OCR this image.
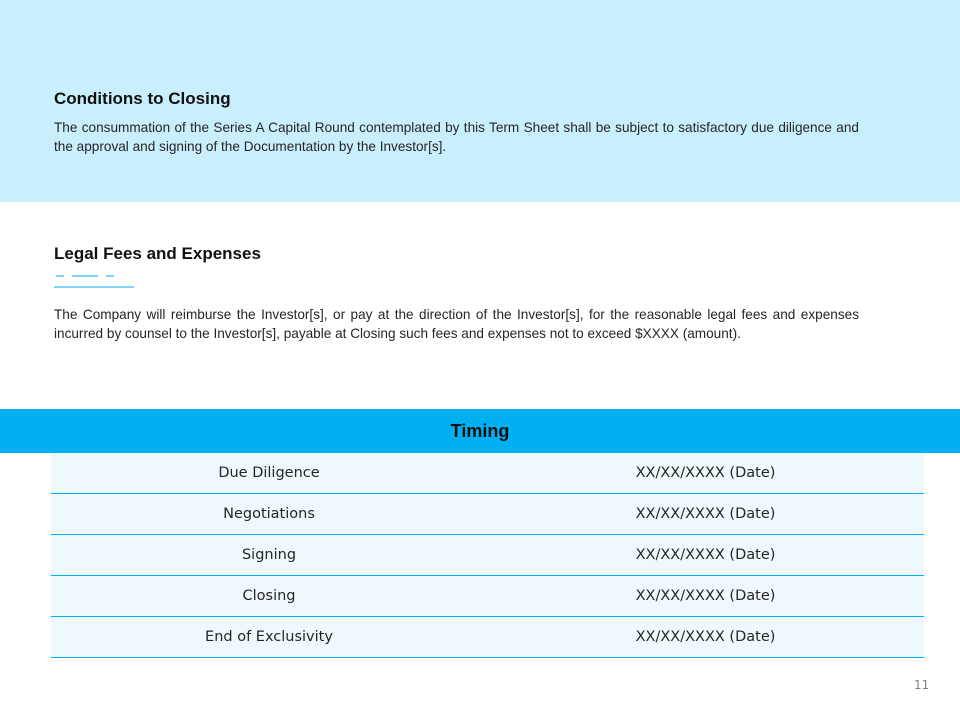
Conditions to Closing
The consummation of the Series A Capital Round contemplated by this Term Sheet shall be subject to satisfactory due diligence and the approval and signing of the Documentation by the Investor[s].
Legal Fees and Expenses
The Company will reimburse the Investor[s], or pay at the direction of the Investor[s], for the reasonable legal fees and expenses incurred by counsel to the Investor[s], payable at Closing such fees and expenses not to exceed $XXXX (amount).
Timing
Due Diligence	XX/XX/XXXX (Date)
Negotiations	XX/XX/XXXX (Date)
Signing	XX/XX/XXXX (Date)
Closing	XX/XX/XXXX (Date)
End of Exclusivity	XX/XX/XXXX (Date)
11
